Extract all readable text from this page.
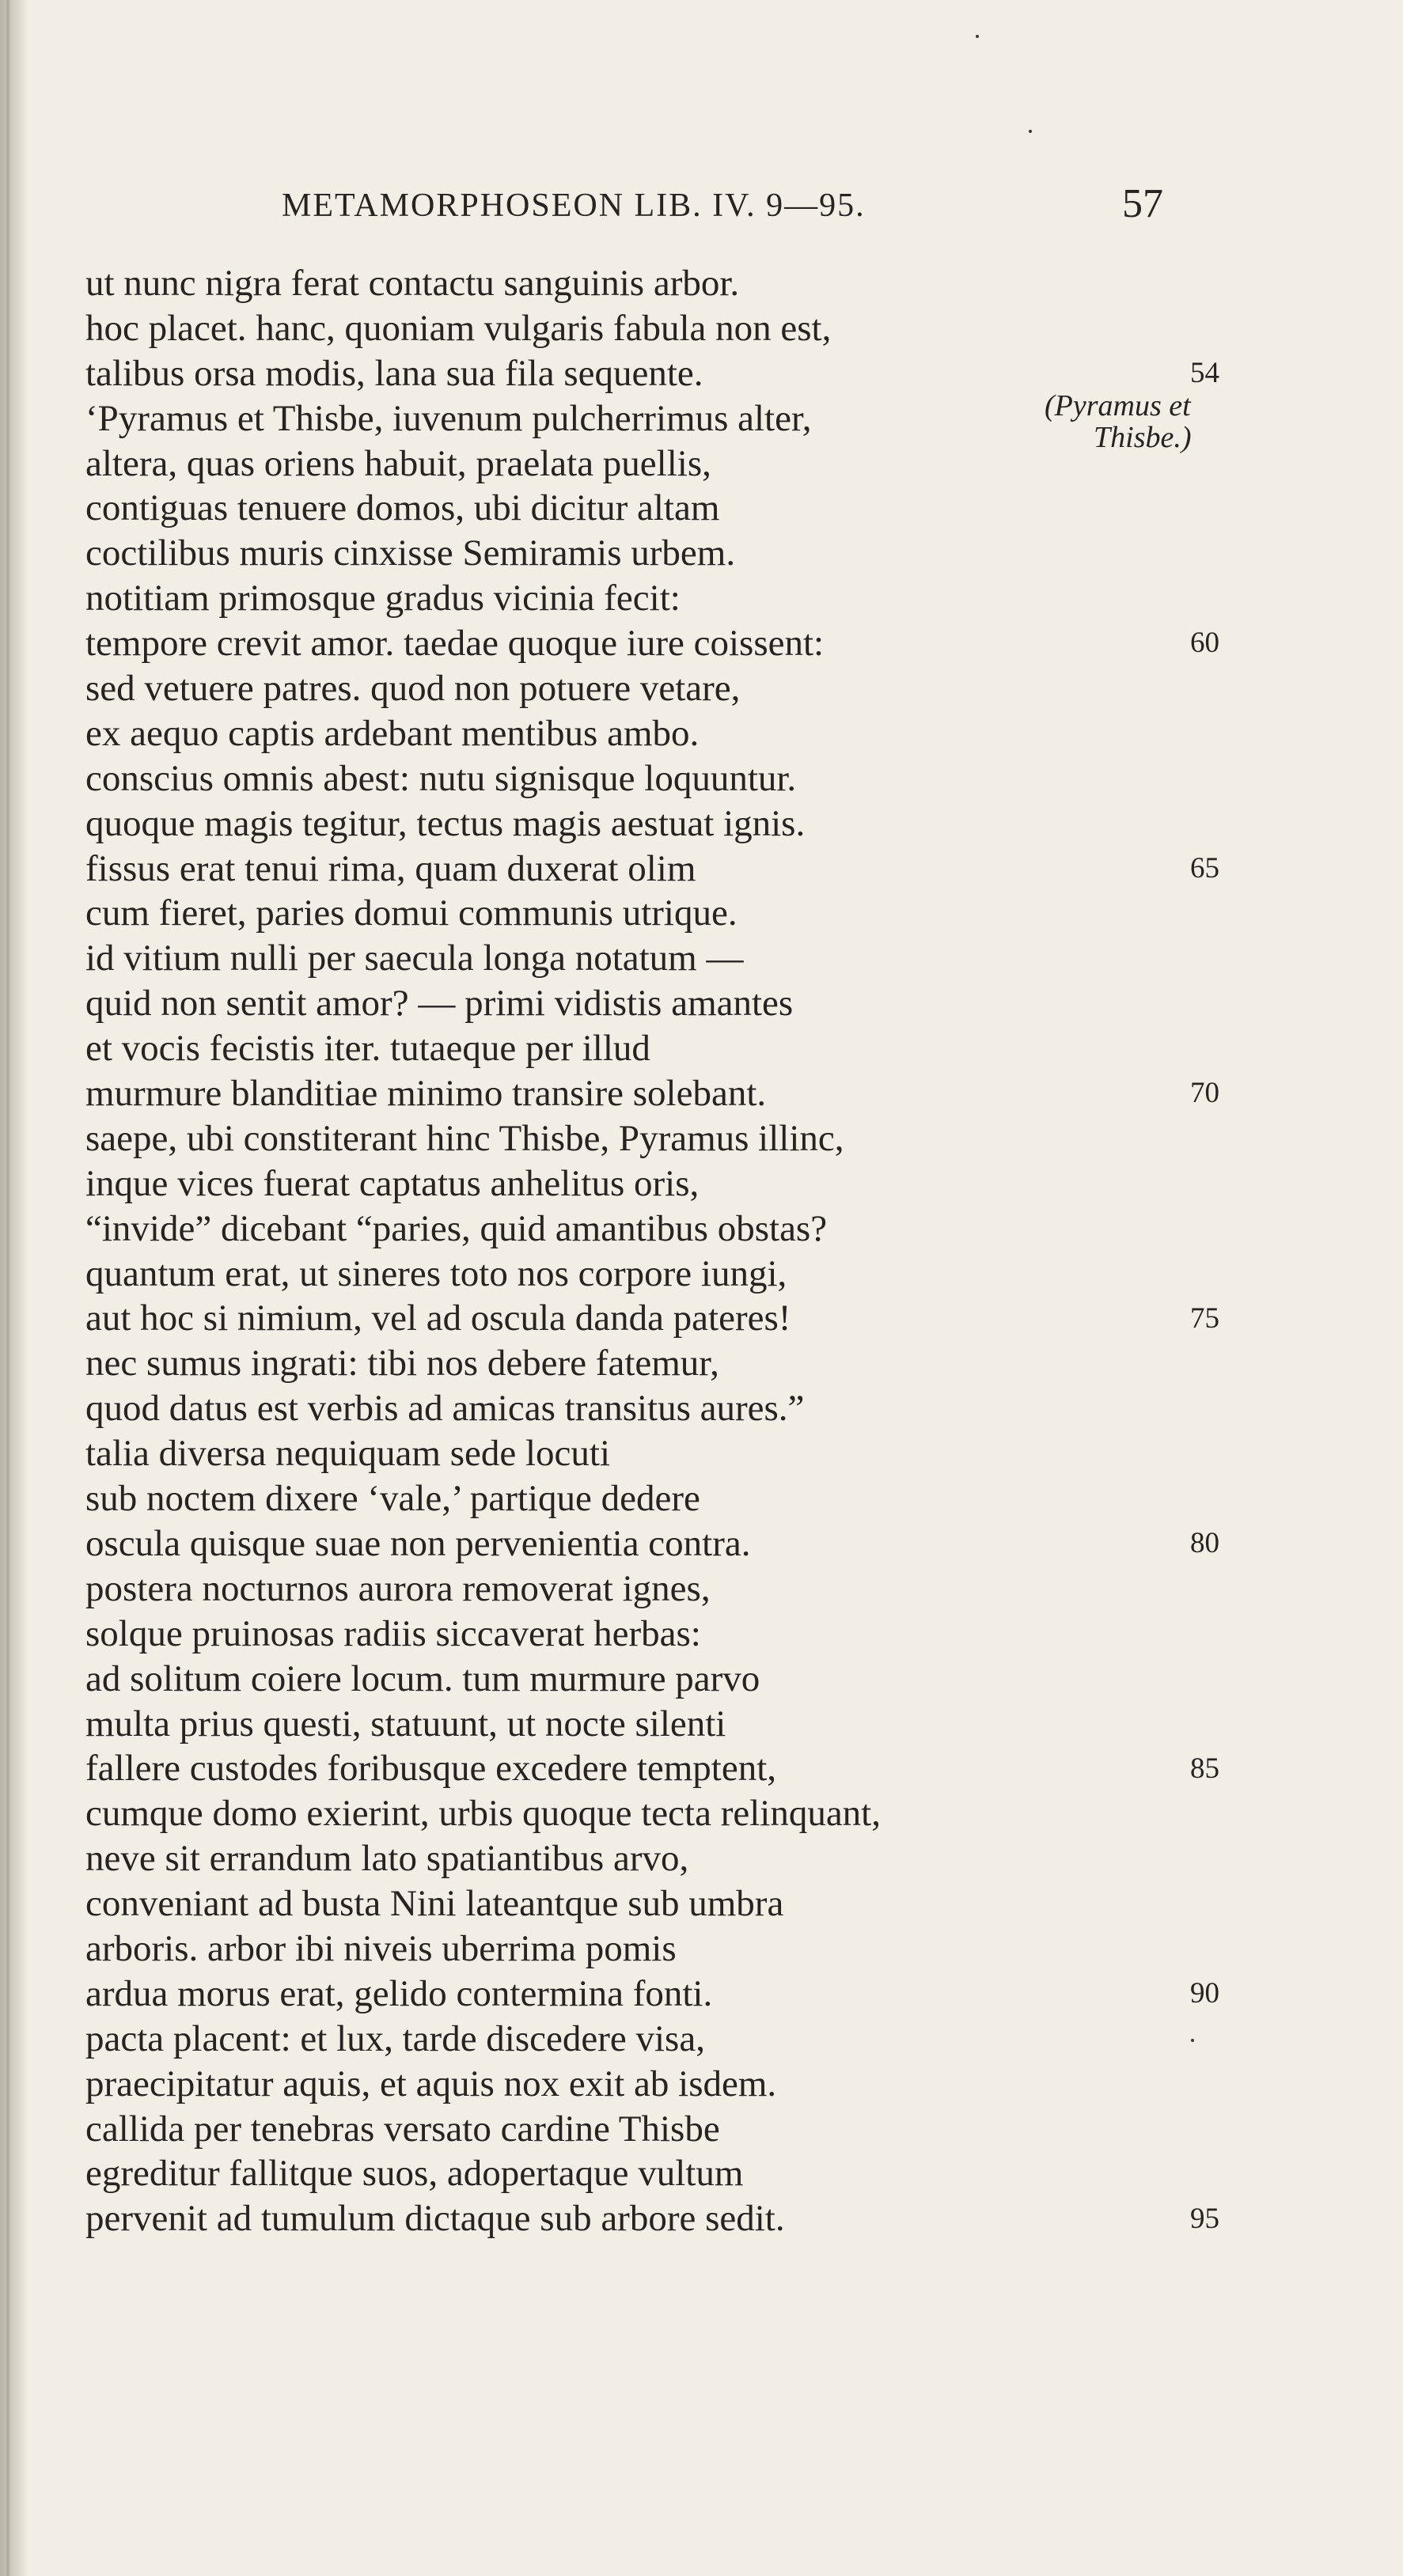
METAMORPHOSEON LIB. IV. 9—95.	57
(Pyramus et
Thisbe.)
ut nunc nigra ferat contactu sanguinis arbor.
hoc placet. hanc, quoniam vulgaris fabula non est,
talibus orsa modis, lana sua fila sequente.
‘Pyramus et Thisbe, iuvenum pulcherrimus alter,
altera, quas oriens habuit, praelata puellis,
contiguas tenuere domos, ubi dicitur altam
coctilibus muris cinxisse Semiramis urbem.
notitiam primosque gradus vicinia fecit:
tempore crevit amor. taedae quoque iure coissent:
sed vetuere patres. quod non potuere vetare,
ex aequo captis ardebant mentibus ambo.
conscius omnis abest: nutu signisque loquuntur.
quoque magis tegitur, tectus magis aestuat ignis.
fissus erat tenui rima, quam duxerat olim
cum fieret, paries domui communis utrique.
id vitium nulli per saecula longa notatum —
quid non sentit amor? — primi vidistis amantes
et vocis fecistis iter. tutaeque per illud
murmure blanditiae minimo transire solebant.
saepe, ubi constiterant hinc Thisbe, Pyramus illinc,
inque vices fuerat captatus anhelitus oris,
“invide” dicebant “paries, quid amantibus obstas?
quantum erat, ut sineres toto nos corpore iungi,
aut hoc si nimium, vel ad oscula danda pateres!
nec sumus ingrati: tibi nos debere fatemur,
quod datus est verbis ad amicas transitus aures.”
talia diversa nequiquam sede locuti
sub noctem dixere ‘vale,’ partique dedere
oscula quisque suae non pervenientia contra.
postera nocturnos aurora removerat ignes,
solque pruinosas radiis siccaverat herbas:
ad solitum coiere locum. tum murmure parvo
multa prius questi, statuunt, ut nocte silenti
fallere custodes foribusque excedere temptent,
cumque domo exierint, urbis quoque tecta relinquant,
neve sit errandum lato spatiantibus arvo,
conveniant ad busta Nini lateantque sub umbra
arboris. arbor ibi niveis uberrima pomis
ardua morus erat, gelido contermina fonti.
pacta placent: et lux, tarde discedere visa,
praecipitatur aquis, et aquis nox exit ab isdem.
callida per tenebras versato cardine Thisbe
egreditur fallitque suos, adopertaque vultum
pervenit ad tumulum dictaque sub arbore sedit.
54
60
65
70
75
80
85
90
95
